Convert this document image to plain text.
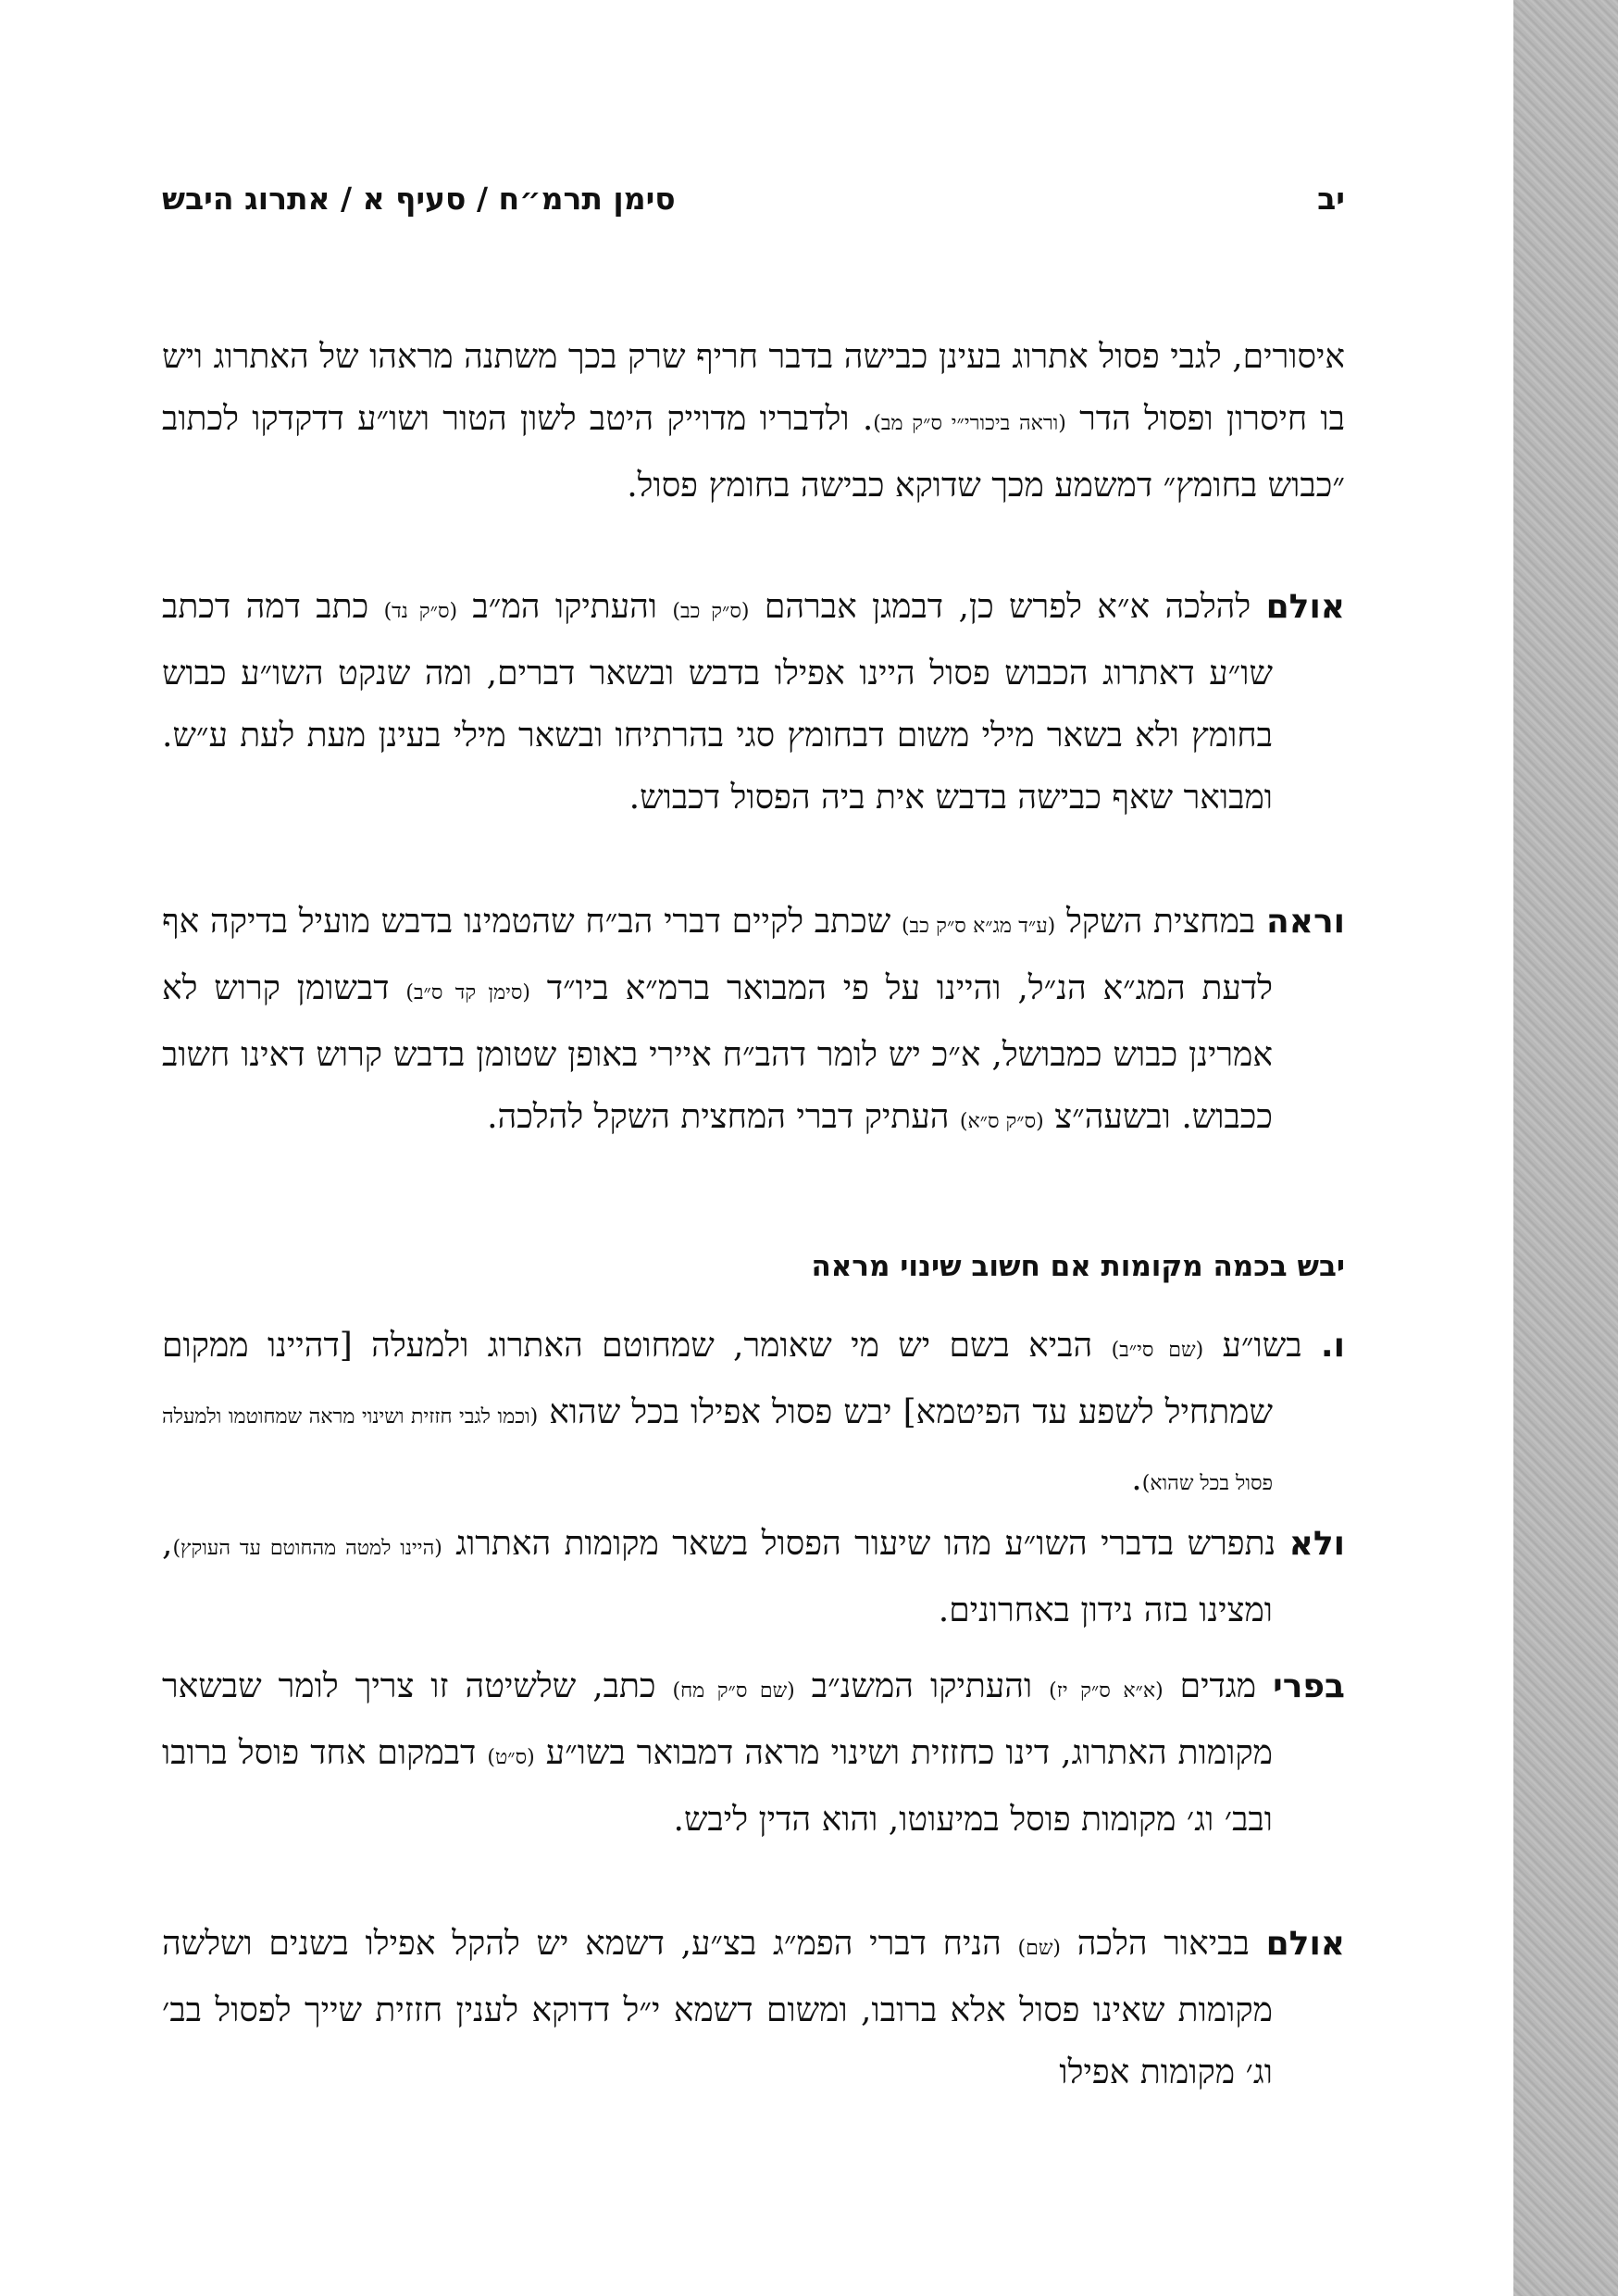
יב
סימן תרמ״ח / סעיף א / אתרוג היבש

איסורים, לגבי פסול אתרוג בעינן כבישה בדבר חריף שרק בכך משתנה מראהו של האתרוג ויש בו חיסרון ופסול הדר (וראה ביכורי״י ס״ק מב). ולדבריו מדוייק היטב לשון הטור ושו״ע דדקדקו לכתוב ״כבוש בחומץ״ דמשמע מכך שדוקא כבישה בחומץ פסול.

אולם להלכה א״א לפרש כן, דבמגן אברהם (ס״ק כב) והעתיקו המ״ב (ס״ק נד) כתב דמה דכתב שו״ע דאתרוג הכבוש פסול היינו אפילו בדבש ובשאר דברים, ומה שנקט השו״ע כבוש בחומץ ולא בשאר מילי משום דבחומץ סגי בהרתיחו ובשאר מילי בעינן מעת לעת ע״ש. ומבואר שאף כבישה בדבש אית ביה הפסול דכבוש.

וראה במחצית השקל (ע״ד מג״א ס״ק כב) שכתב לקיים דברי הב״ח שהטמינו בדבש מועיל בדיקה אף לדעת המג״א הנ״ל, והיינו על פי המבואר ברמ״א ביו״ד (סימן קד ס״ב) דבשומן קרוש לא אמרינן כבוש כמבושל, א״כ יש לומר דהב״ח איירי באופן שטומן בדבש קרוש דאינו חשוב ככבוש. ובשעה״צ (ס״ק ס״א) העתיק דברי המחצית השקל להלכה.

יבש בכמה מקומות אם חשוב שינוי מראה

ו. בשו״ע (שם סי״ב) הביא בשם יש מי שאומר, שמחוטם האתרוג ולמעלה [דהיינו ממקום שמתחיל לשפע עד הפיטמא] יבש פסול אפילו בכל שהוא (וכמו לגבי חזזית ושינוי מראה שמחוטמו ולמעלה פסול בכל שהוא).

ולא נתפרש בדברי השו״ע מהו שיעור הפסול בשאר מקומות האתרוג (היינו למטה מהחוטם עד העוקץ), ומצינו בזה נידון באחרונים.

בפרי מגדים (א״א ס״ק יז) והעתיקו המשנ״ב (שם ס״ק מח) כתב, שלשיטה זו צריך לומר שבשאר מקומות האתרוג, דינו כחזזית ושינוי מראה דמבואר בשו״ע (ס״ט) דבמקום אחד פוסל ברובו ובב׳ וג׳ מקומות פוסל במיעוטו, והוא הדין ליבש.

אולם בביאור הלכה (שם) הניח דברי הפמ״ג בצ״ע, דשמא יש להקל אפילו בשנים ושלשה מקומות שאינו פסול אלא ברובו, ומשום דשמא י״ל דדוקא לענין חזזית שייך לפסול בב׳ וג׳ מקומות אפילו
